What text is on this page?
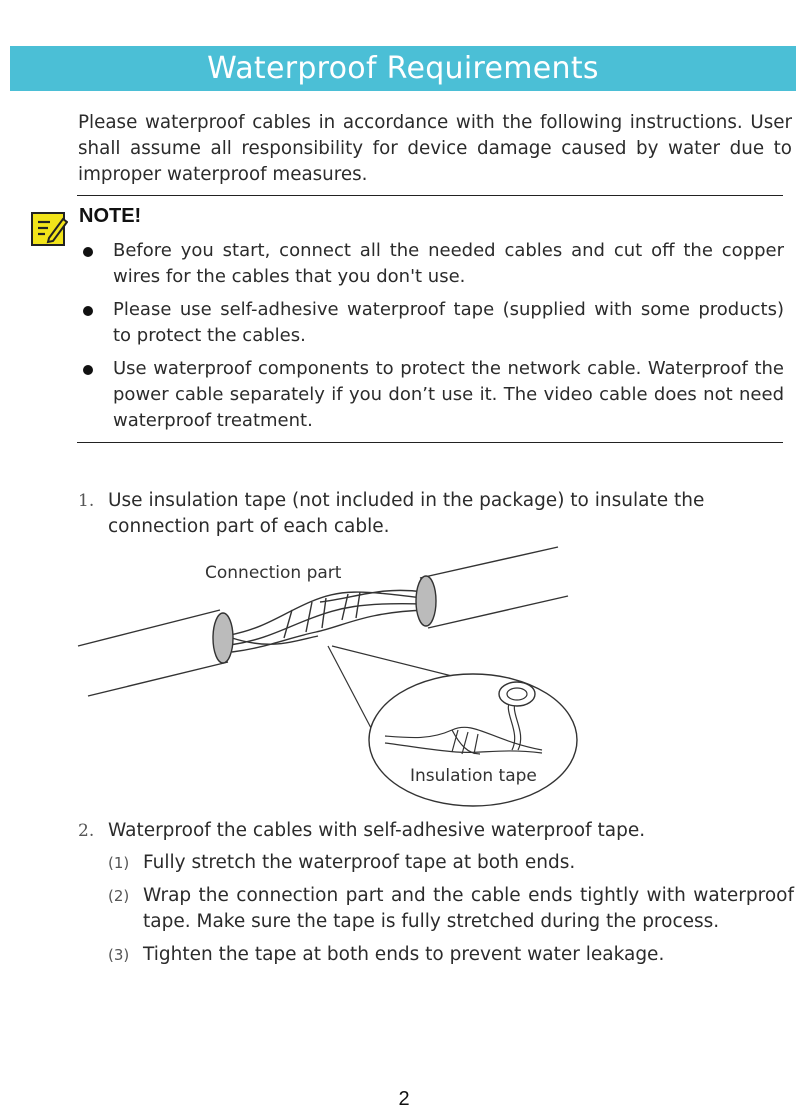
Waterproof Requirements

Please waterproof cables in accordance with the following instructions. User shall assume all responsibility for device damage caused by water due to improper waterproof measures.

NOTE!
Before you start, connect all the needed cables and cut off the copper wires for the cables that you don't use.
Please use self-adhesive waterproof tape (supplied with some products) to protect the cables.
Use waterproof components to protect the network cable. Waterproof the power cable separately if you don’t use it. The video cable does not need waterproof treatment.
1. Use insulation tape (not included in the package) to insulate the connection part of each cable.
Connection part
Insulation tape
2. Waterproof the cables with self-adhesive waterproof tape.
(1) Fully stretch the waterproof tape at both ends.
(2) Wrap the connection part and the cable ends tightly with waterproof tape. Make sure the tape is fully stretched during the process.
(3) Tighten the tape at both ends to prevent water leakage.
2
